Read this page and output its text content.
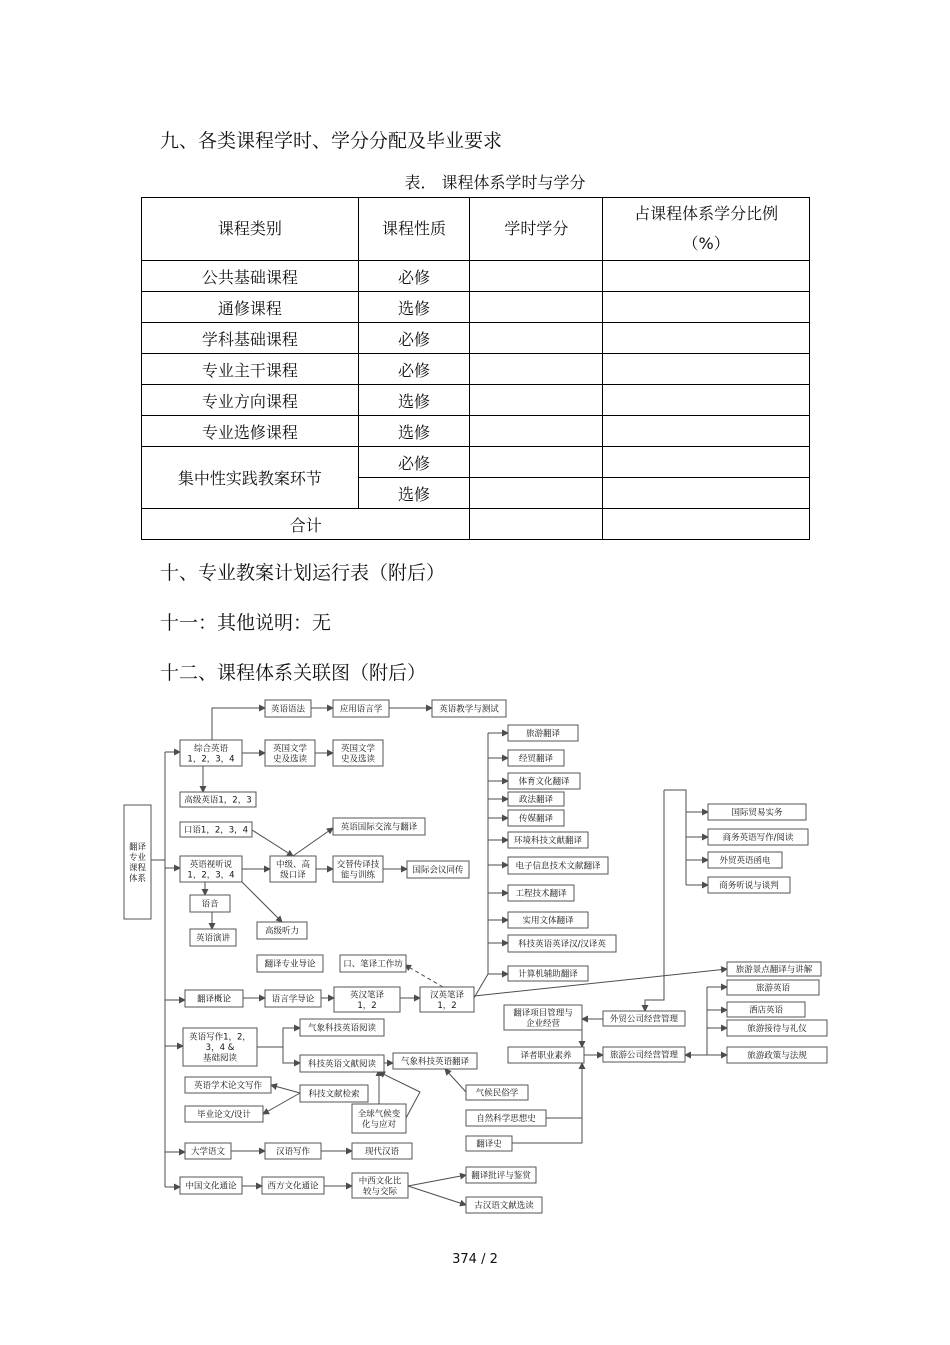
九、各类课程学时、学分分配及毕业要求
表． 课程体系学时与学分
课程类别	课程性质	学时学分	占课程体系学分比例
（%）
公共基础课程	必修		
通修课程	选修		
学科基础课程	必修		
专业主干课程	必修		
专业方向课程	选修		
专业选修课程	选修		
集中性实践教案环节	必修		
	选修		
合计			
十、专业教案计划运行表（附后）
十一：其他说明：无
十二、课程体系关联图（附后）
翻译
专业
课程
体系
英语语法	应用语言学	英语教学与测试
综合英语
1，2，3，4
英国文学
史及选读
英国文学
史及选读
高级英语1，2，3
口语1，2，3，4	英语国际交流与翻译
英语视听说
1，2，3，4
中级、高
级口译
交替传译技
能与训练	国际会议同传
语音
英语演讲
高级听力
旅游翻译
经贸翻译
体育文化翻译
政法翻译
传媒翻译
环境科技文献翻译
电子信息技术文献翻译
工程技术翻译
实用文体翻译
科技英语英译汉/汉译英
计算机辅助翻译
国际贸易实务
商务英语写作/阅读
外贸英语函电
商务听说与谈判
翻译专业导论	口、笔译工作坊
翻译概论	语言学导论	英汉笔译
1，2
汉英笔译
1，2
旅游景点翻译与讲解
旅游英语
酒店英语
旅游接待与礼仪
旅游政策与法规
翻译项目管理与
企业经营	外贸公司经营管理
旅游公司经营管理
译者职业素养
英语写作1，2，
3，4 &
基础阅读
气象科技英语阅读
科技英语文献阅读	气象科技英语翻译
气候民俗学
英语学术论文写作
科技文献检索
毕业论文/设计	全球气候变
化与应对
自然科学思想史
翻译史
大学语文	汉语写作	现代汉语
中国文化通论	西方文化通论
中西文化比
较与交际
翻译批评与鉴赏
古汉语文献选读
374 / 2
